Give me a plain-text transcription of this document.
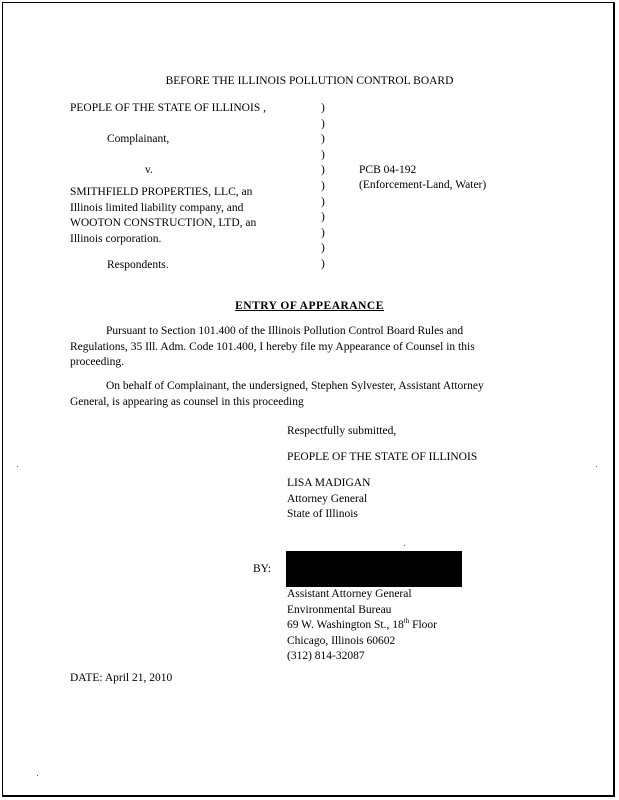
BEFORE THE ILLINOIS POLLUTION CONTROL BOARD
PEOPLE OF THE STATE OF ILLINOIS ,
Complainant,
v.
SMITHFIELD PROPERTIES, LLC, an
Illinois limited liability company, and
WOOTON CONSTRUCTION, LTD, an
Illinois corporation.
Respondents.
)
)
)
)
)
)
)
)
)
)
)
PCB 04-192
(Enforcement-Land, Water)
ENTRY OF APPEARANCE
Pursuant to Section 101.400 of the Illinois Pollution Control Board Rules and Regulations, 35 Ill. Adm. Code 101.400, I hereby file my Appearance of Counsel in this proceeding.
On behalf of Complainant, the undersigned, Stephen Sylvester, Assistant Attorney General, is appearing as counsel in this proceeding
Respectfully submitted,
PEOPLE OF THE STATE OF ILLINOIS
LISA MADIGAN
Attorney General
State of Illinois
BY:
Assistant Attorney General
Environmental Bureau
69 W. Washington St., 18th Floor
Chicago, Illinois 60602
(312) 814-32087
DATE: April 21, 2010
